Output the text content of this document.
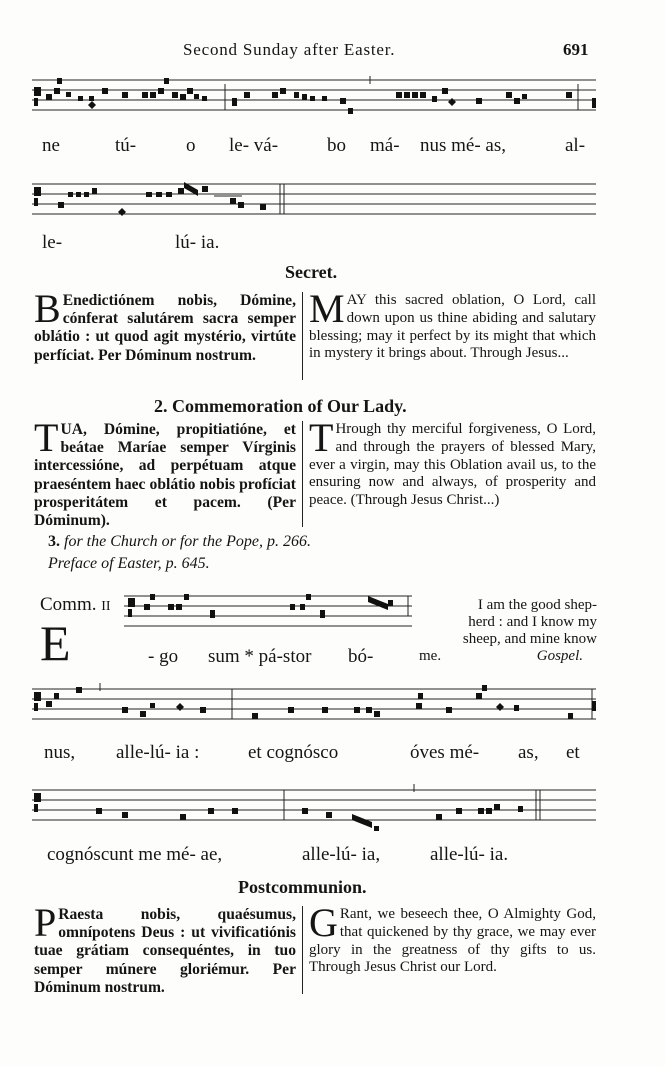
Second Sunday after Easter.	691
ne	tú-	o le- vá-	bo má- nus mé- as,	al-
le-	lú- ia.
Secret.
B Enedictiónem nobis, Dómine, cónferat salutárem sacra semper oblátio : ut quod agit mystério, virtúte perfíciat. Per Dóminum nostrum.
MAY this sacred oblation, O Lord, call down upon us thine abiding and salutary blessing; may it perfect by its might that which in mystery it brings about. Through Jesus...
2. Commemoration of Our Lady.
TUA, Dómine, propitiatióne, et beátae Maríae semper Vírginis intercessióne, ad perpétuam atque praeséntem haec oblátio nobis profíciat prosperitátem et pacem. (Per Dóminum).
T Hrough thy merciful forgiveness, O Lord, and through the prayers of blessed Mary, ever a virgin, may this Oblation avail us, to the ensuring now and always, of prosperity and peace. (Through Jesus Christ...)
3. for the Church or for the Pope, p. 266.
Preface of Easter, p. 645.
Comm. II
E	- go sum * pá-stor bó-
I am the good shep-
herd : and I know my
sheep, and mine know
me.	Gospel.
nus, alle-lú- ia :	et cognósco	óves mé- as, et
cognóscunt me mé- ae,	alle-lú- ia,	alle-lú- ia.
Postcommunion.
P Raesta nobis, quaésumus, omnípotens Deus : ut vivificatiónis tuae grátiam consequéntes, in tuo semper múnere gloriémur. Per Dóminum nostrum.
G Rant, we beseech thee, O Almighty God, that quickened by thy grace, we may ever glory in the greatness of thy gifts to us. Through Jesus Christ our Lord.
